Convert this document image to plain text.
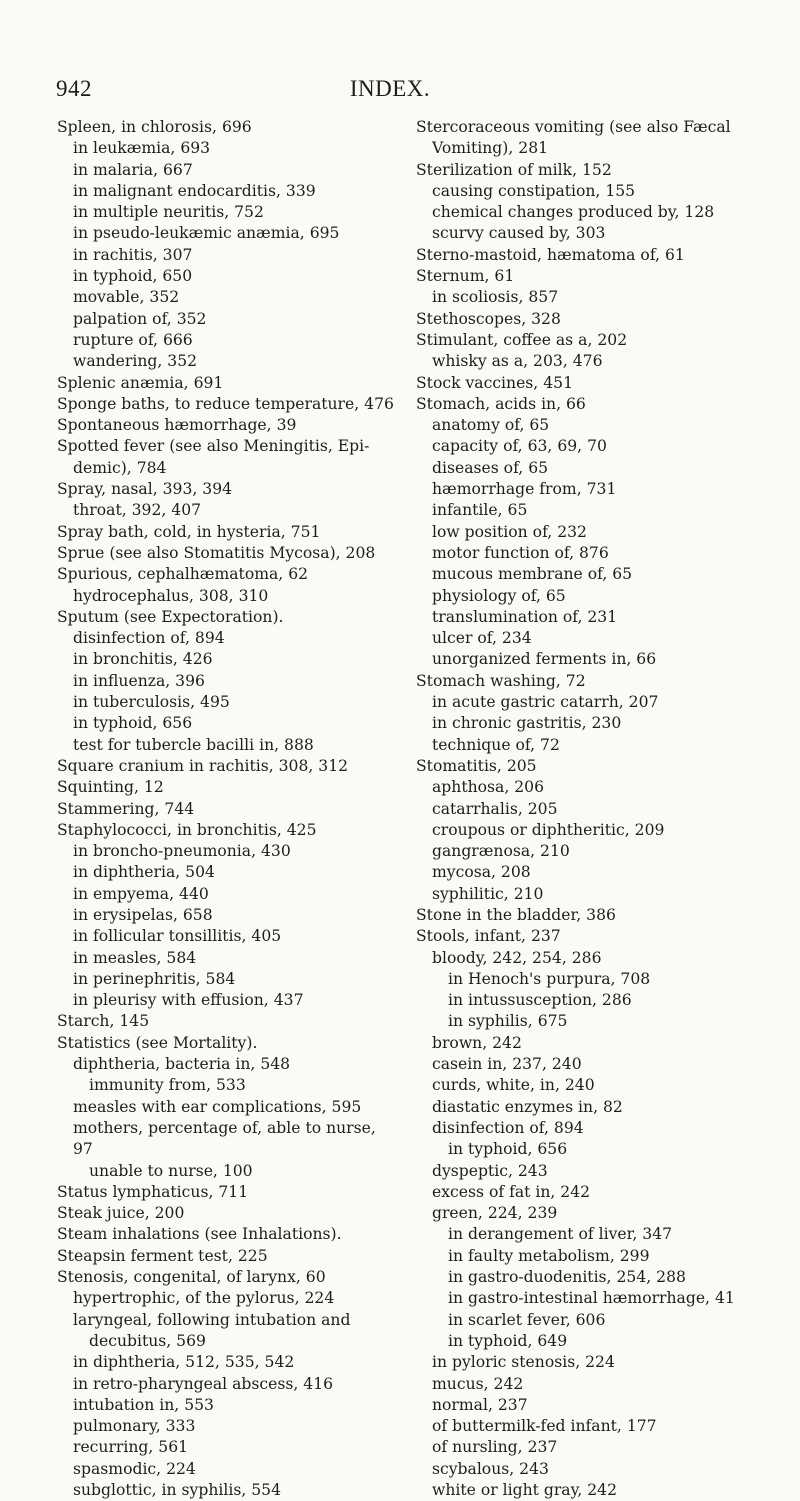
942	INDEX.
Spleen, in chlorosis, 696
in leukæmia, 693
in malaria, 667
in malignant endocarditis, 339
in multiple neuritis, 752
in pseudo-leukæmic anæmia, 695
in rachitis, 307
in typhoid, 650
movable, 352
palpation of, 352
rupture of, 666
wandering, 352
Splenic anæmia, 691
Sponge baths, to reduce temperature, 476
Spontaneous hæmorrhage, 39
Spotted fever (see also Meningitis, Epi-
demic), 784
Spray, nasal, 393, 394
throat, 392, 407
Spray bath, cold, in hysteria, 751
Sprue (see also Stomatitis Mycosa), 208
Spurious, cephalhæmatoma, 62
hydrocephalus, 308, 310
Sputum (see Expectoration).
disinfection of, 894
in bronchitis, 426
in influenza, 396
in tuberculosis, 495
in typhoid, 656
test for tubercle bacilli in, 888
Square cranium in rachitis, 308, 312
Squinting, 12
Stammering, 744
Staphylococci, in bronchitis, 425
in broncho-pneumonia, 430
in diphtheria, 504
in empyema, 440
in erysipelas, 658
in follicular tonsillitis, 405
in measles, 584
in perinephritis, 584
in pleurisy with effusion, 437
Starch, 145
Statistics (see Mortality).
diphtheria, bacteria in, 548
immunity from, 533
measles with ear complications, 595
mothers, percentage of, able to nurse,
97
unable to nurse, 100
Status lymphaticus, 711
Steak juice, 200
Steam inhalations (see Inhalations).
Steapsin ferment test, 225
Stenosis, congenital, of larynx, 60
hypertrophic, of the pylorus, 224
laryngeal, following intubation and
decubitus, 569
in diphtheria, 512, 535, 542
in retro-pharyngeal abscess, 416
intubation in, 553
pulmonary, 333
recurring, 561
spasmodic, 224
subglottic, in syphilis, 554
Stercoraceous vomiting (see also Fæcal
Vomiting), 281
Sterilization of milk, 152
causing constipation, 155
chemical changes produced by, 128
scurvy caused by, 303
Sterno-mastoid, hæmatoma of, 61
Sternum, 61
in scoliosis, 857
Stethoscopes, 328
Stimulant, coffee as a, 202
whisky as a, 203, 476
Stock vaccines, 451
Stomach, acids in, 66
anatomy of, 65
capacity of, 63, 69, 70
diseases of, 65
hæmorrhage from, 731
infantile, 65
low position of, 232
motor function of, 876
mucous membrane of, 65
physiology of, 65
translumination of, 231
ulcer of, 234
unorganized ferments in, 66
Stomach washing, 72
in acute gastric catarrh, 207
in chronic gastritis, 230
technique of, 72
Stomatitis, 205
aphthosa, 206
catarrhalis, 205
croupous or diphtheritic, 209
gangrænosa, 210
mycosa, 208
syphilitic, 210
Stone in the bladder, 386
Stools, infant, 237
bloody, 242, 254, 286
in Henoch's purpura, 708
in intussusception, 286
in syphilis, 675
brown, 242
casein in, 237, 240
curds, white, in, 240
diastatic enzymes in, 82
disinfection of, 894
in typhoid, 656
dyspeptic, 243
excess of fat in, 242
green, 224, 239
in derangement of liver, 347
in faulty metabolism, 299
in gastro-duodenitis, 254, 288
in gastro-intestinal hæmorrhage, 41
in scarlet fever, 606
in typhoid, 649
in pyloric stenosis, 224
mucus, 242
normal, 237
of buttermilk-fed infant, 177
of nursling, 237
scybalous, 243
white or light gray, 242
